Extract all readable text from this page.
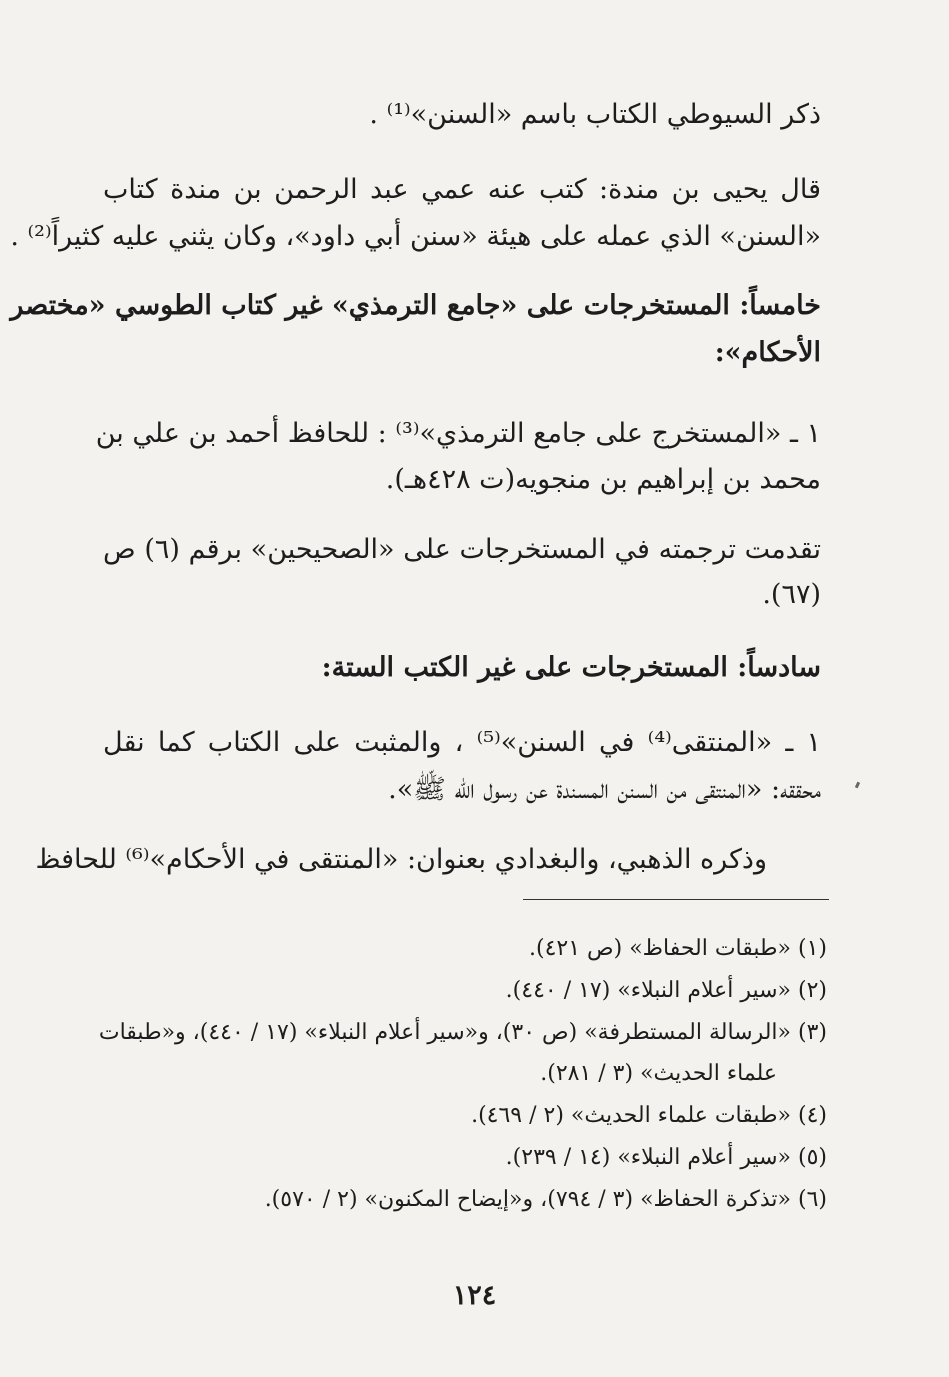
ذكر السيوطي الكتاب باسم «السنن»⁽¹⁾ .
قال يحيى بن مندة: كتب عنه عمي عبد الرحمن بن مندة كتاب
«السنن» الذي عمله على هيئة «سنن أبي داود»، وكان يثني عليه كثيراً⁽²⁾ .
خامساً: المستخرجات على «جامع الترمذي» غير كتاب الطوسي «مختصر
الأحكام»:
١ ـ «المستخرج على جامع الترمذي»⁽³⁾ : للحافظ أحمد بن علي بن
محمد بن إبراهيم بن منجويه(ت ٤٢٨هـ).
تقدمت ترجمته في المستخرجات على «الصحيحين» برقم (٦) ص
(٦٧).
سادساً: المستخرجات على غير الكتب الستة:
١ ـ «المنتقى⁽⁴⁾ في السنن»⁽⁵⁾ ، والمثبت على الكتاب كما نقل
محققه: «المنتقى من السنن المسندة عن رسول الله ﷺ».
وذكره الذهبي، والبغدادي بعنوان: «المنتقى في الأحكام»⁽⁶⁾ للحافظ
(١) «طبقات الحفاظ» (ص ٤٢١).
(٢) «سير أعلام النبلاء» (١٧ / ٤٤٠).
(٣) «الرسالة المستطرفة» (ص ٣٠)، و«سير أعلام النبلاء» (١٧ / ٤٤٠)، و«طبقات
علماء الحديث» (٣ / ٢٨١).
(٤) «طبقات علماء الحديث» (٢ / ٤٦٩).
(٥) «سير أعلام النبلاء» (١٤ / ٢٣٩).
(٦) «تذكرة الحفاظ» (٣ / ٧٩٤)، و«إيضاح المكنون» (٢ / ٥٧٠).
١٢٤
